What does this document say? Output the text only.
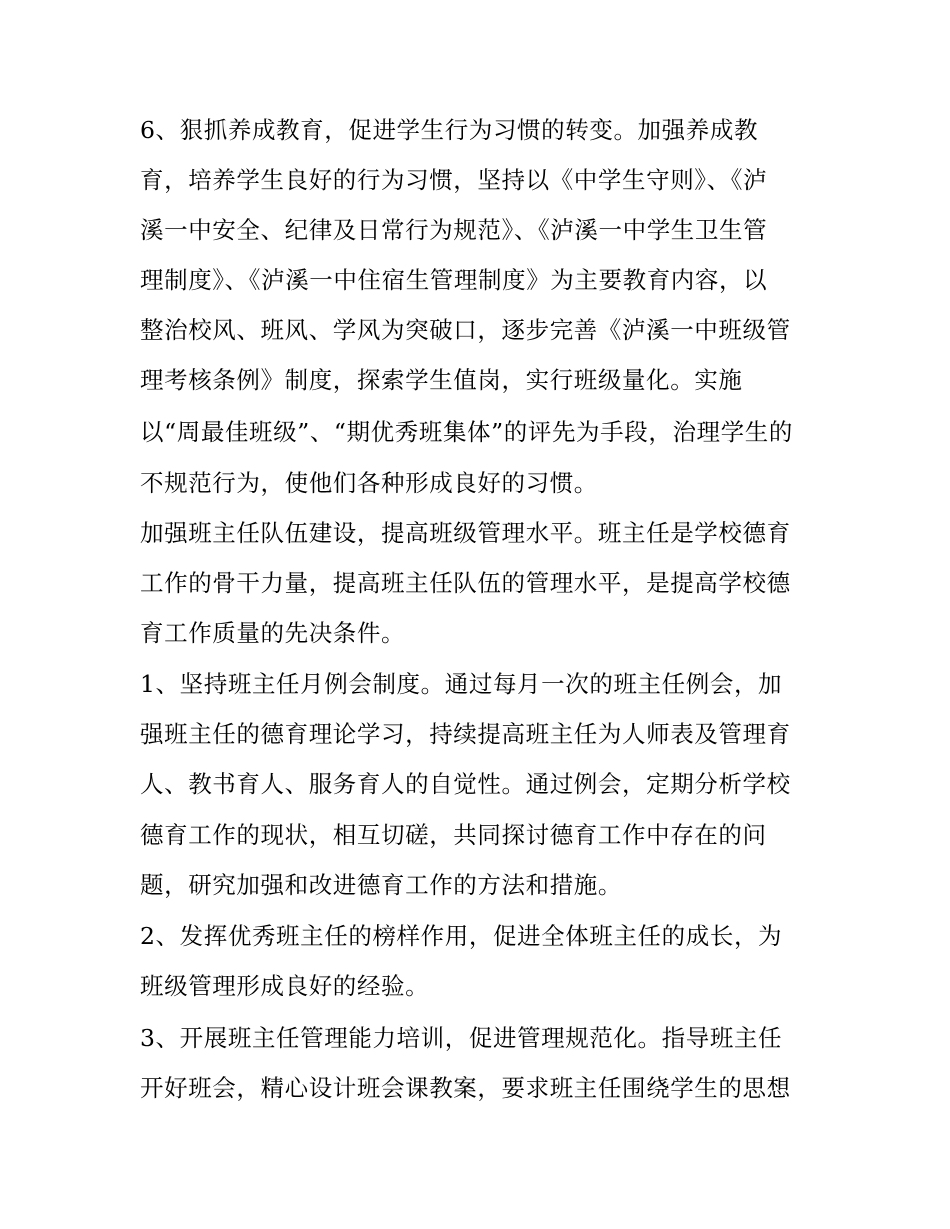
6、狠抓养成教育，促进学生行为习惯的转变。加强养成教

育，培养学生良好的行为习惯，坚持以《中学生守则》、《泸

溪一中安全、纪律及日常行为规范》、《泸溪一中学生卫生管

理制度》、《泸溪一中住宿生管理制度》为主要教育内容，以

整治校风、班风、学风为突破口，逐步完善《泸溪一中班级管

理考核条例》制度，探索学生值岗，实行班级量化。实施

以“周最佳班级”、“期优秀班集体”的评先为手段，治理学生的

不规范行为，使他们各种形成良好的习惯。

加强班主任队伍建设，提高班级管理水平。班主任是学校德育

工作的骨干力量，提高班主任队伍的管理水平，是提高学校德

育工作质量的先决条件。

1、坚持班主任月例会制度。通过每月一次的班主任例会，加

强班主任的德育理论学习，持续提高班主任为人师表及管理育

人、教书育人、服务育人的自觉性。通过例会，定期分析学校

德育工作的现状，相互切磋，共同探讨德育工作中存在的问

题，研究加强和改进德育工作的方法和措施。

2、发挥优秀班主任的榜样作用，促进全体班主任的成长，为

班级管理形成良好的经验。

3、开展班主任管理能力培训，促进管理规范化。指导班主任

开好班会，精心设计班会课教案，要求班主任围绕学生的思想
